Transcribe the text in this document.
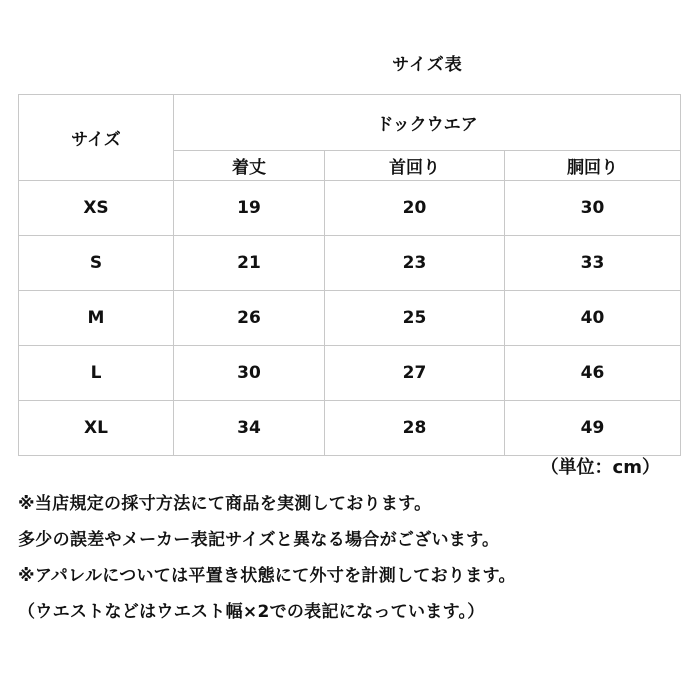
サイズ表
サイズ	ドックウエア		
	着丈	首回り	胴回り
XS	19	20	30
S	21	23	33
M	26	25	40
L	30	27	46
XL	34	28	49
（単位：cm）
※当店規定の採寸方法にて商品を実測しております。
多少の誤差やメーカー表記サイズと異なる場合がございます。
※アパレルについては平置き状態にて外寸を計測しております。
（ウエストなどはウエスト幅×2での表記になっています。）
